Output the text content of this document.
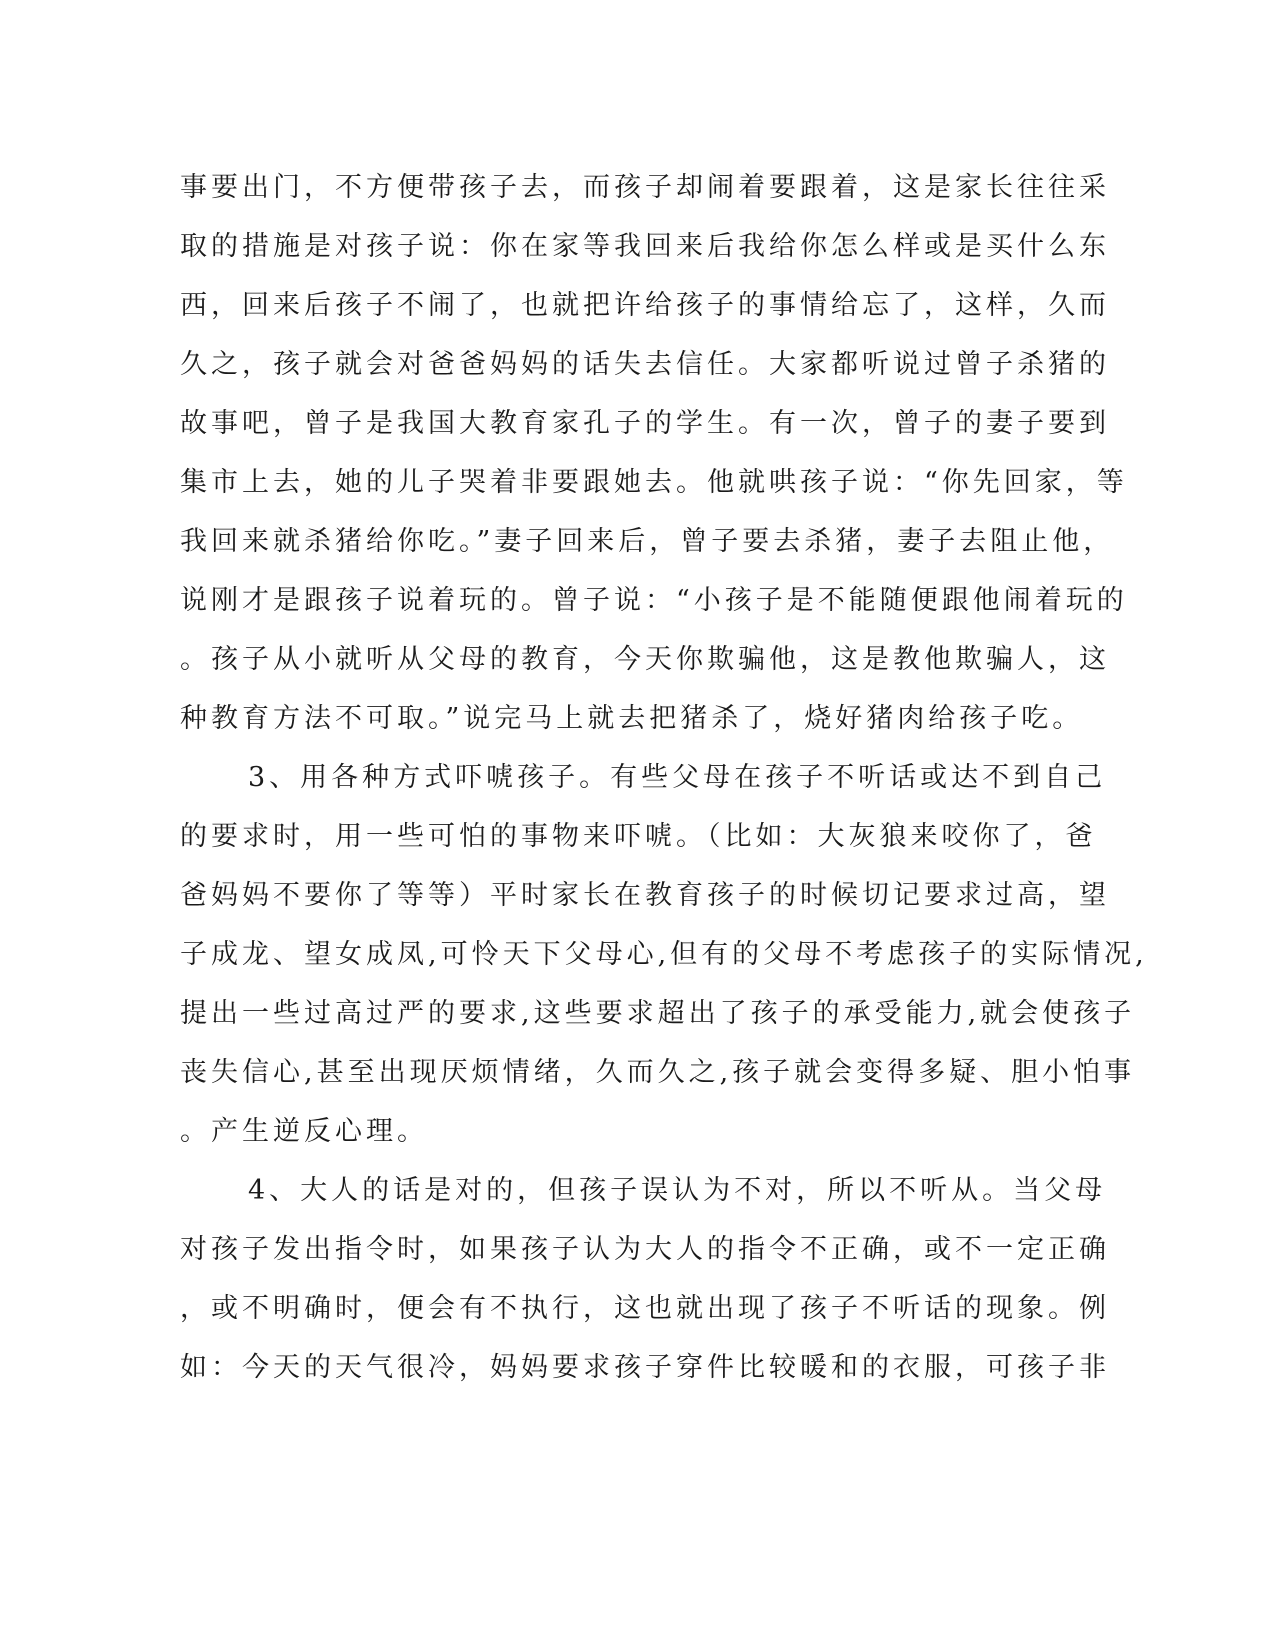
事要出门，不方便带孩子去，而孩子却闹着要跟着，这是家长往往采
取的措施是对孩子说：你在家等我回来后我给你怎么样或是买什么东
西，回来后孩子不闹了，也就把许给孩子的事情给忘了，这样，久而
久之，孩子就会对爸爸妈妈的话失去信任。大家都听说过曾子杀猪的
故事吧，曾子是我国大教育家孔子的学生。有一次，曾子的妻子要到
集市上去，她的儿子哭着非要跟她去。他就哄孩子说：“你先回家，等
我回来就杀猪给你吃。”妻子回来后，曾子要去杀猪，妻子去阻止他，
说刚才是跟孩子说着玩的。曾子说：“小孩子是不能随便跟他闹着玩的
。孩子从小就听从父母的教育，今天你欺骗他，这是教他欺骗人，这
种教育方法不可取。”说完马上就去把猪杀了，烧好猪肉给孩子吃。
3、用各种方式吓唬孩子。有些父母在孩子不听话或达不到自己
的要求时，用一些可怕的事物来吓唬。（比如：大灰狼来咬你了，爸
爸妈妈不要你了等等）平时家长在教育孩子的时候切记要求过高，望
子成龙、望女成凤,可怜天下父母心,但有的父母不考虑孩子的实际情况,
提出一些过高过严的要求,这些要求超出了孩子的承受能力,就会使孩子
丧失信心,甚至出现厌烦情绪，久而久之,孩子就会变得多疑、胆小怕事
。产生逆反心理。
4、大人的话是对的，但孩子误认为不对，所以不听从。当父母
对孩子发出指令时，如果孩子认为大人的指令不正确，或不一定正确
，或不明确时，便会有不执行，这也就出现了孩子不听话的现象。例
如：今天的天气很冷，妈妈要求孩子穿件比较暖和的衣服，可孩子非
